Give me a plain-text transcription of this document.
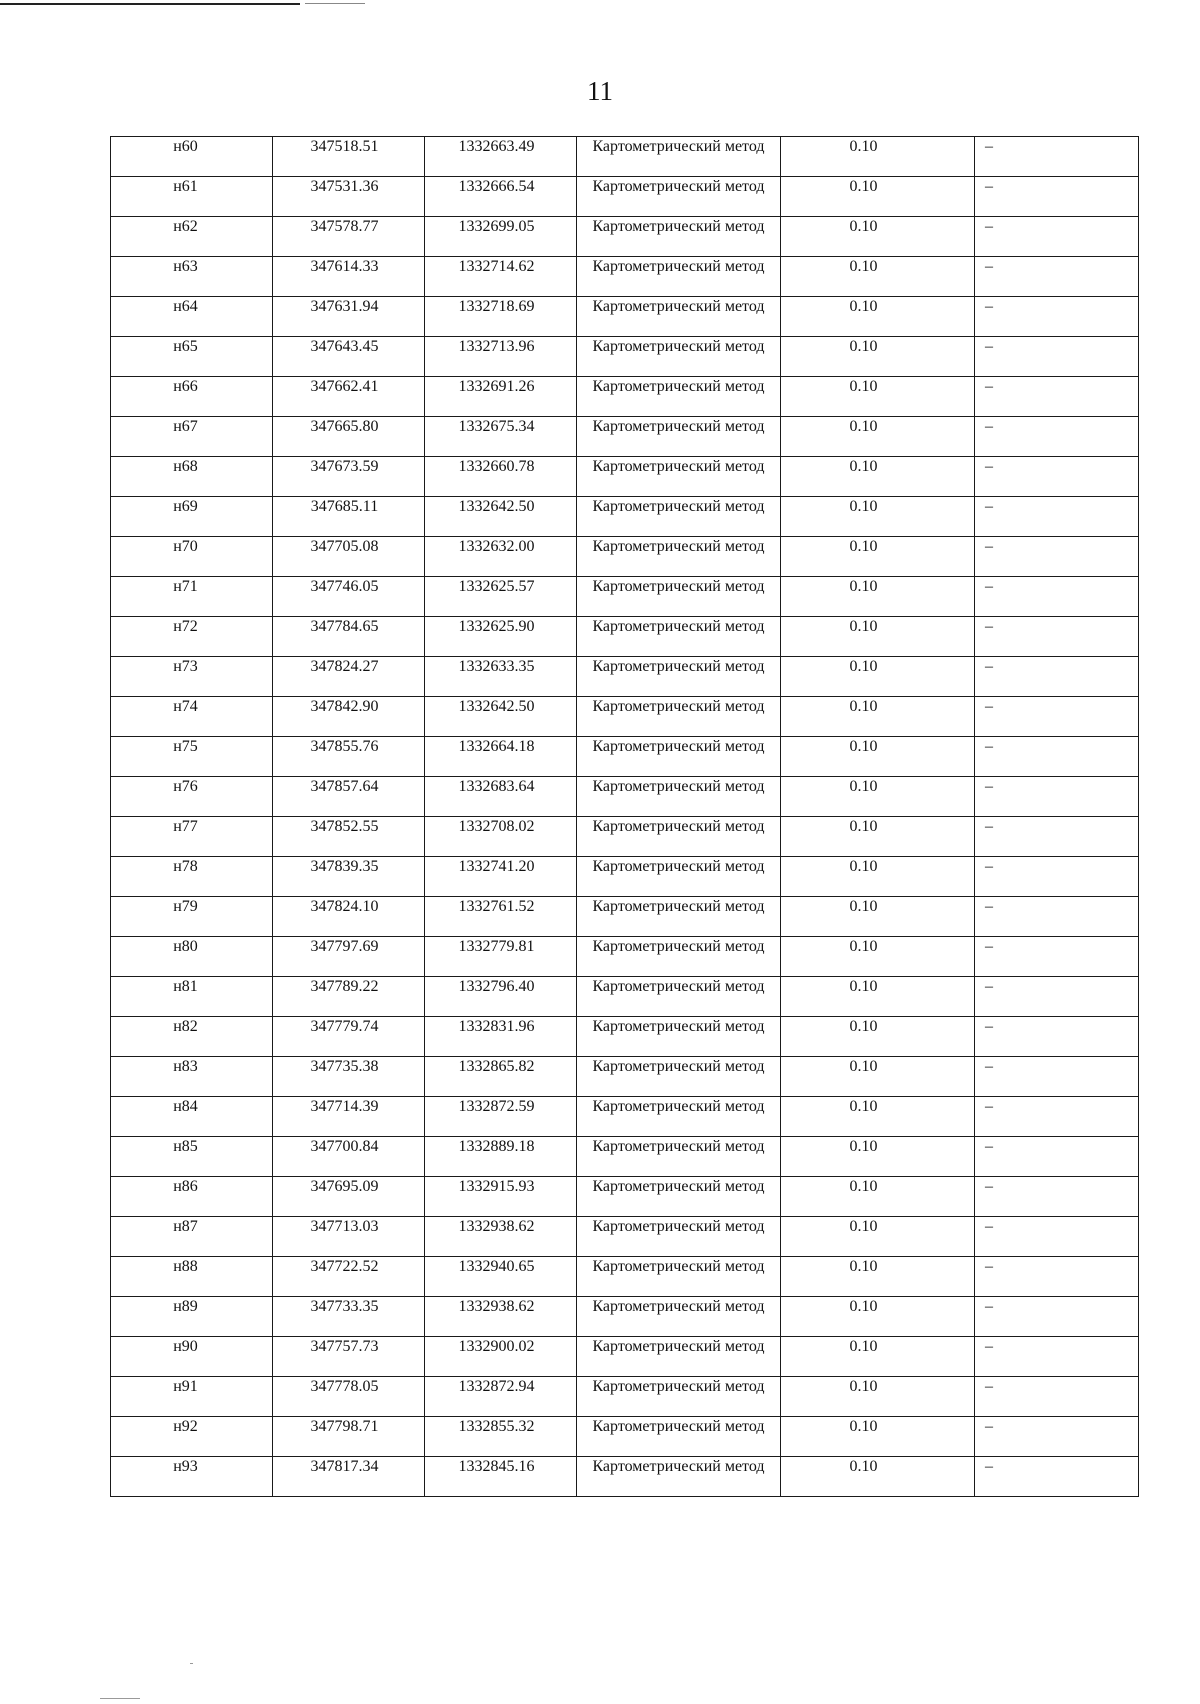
11
н60	347518.51	1332663.49	Картометрический метод	0.10	–
н61	347531.36	1332666.54	Картометрический метод	0.10	–
н62	347578.77	1332699.05	Картометрический метод	0.10	–
н63	347614.33	1332714.62	Картометрический метод	0.10	–
н64	347631.94	1332718.69	Картометрический метод	0.10	–
н65	347643.45	1332713.96	Картометрический метод	0.10	–
н66	347662.41	1332691.26	Картометрический метод	0.10	–
н67	347665.80	1332675.34	Картометрический метод	0.10	–
н68	347673.59	1332660.78	Картометрический метод	0.10	–
н69	347685.11	1332642.50	Картометрический метод	0.10	–
н70	347705.08	1332632.00	Картометрический метод	0.10	–
н71	347746.05	1332625.57	Картометрический метод	0.10	–
н72	347784.65	1332625.90	Картометрический метод	0.10	–
н73	347824.27	1332633.35	Картометрический метод	0.10	–
н74	347842.90	1332642.50	Картометрический метод	0.10	–
н75	347855.76	1332664.18	Картометрический метод	0.10	–
н76	347857.64	1332683.64	Картометрический метод	0.10	–
н77	347852.55	1332708.02	Картометрический метод	0.10	–
н78	347839.35	1332741.20	Картометрический метод	0.10	–
н79	347824.10	1332761.52	Картометрический метод	0.10	–
н80	347797.69	1332779.81	Картометрический метод	0.10	–
н81	347789.22	1332796.40	Картометрический метод	0.10	–
н82	347779.74	1332831.96	Картометрический метод	0.10	–
н83	347735.38	1332865.82	Картометрический метод	0.10	–
н84	347714.39	1332872.59	Картометрический метод	0.10	–
н85	347700.84	1332889.18	Картометрический метод	0.10	–
н86	347695.09	1332915.93	Картометрический метод	0.10	–
н87	347713.03	1332938.62	Картометрический метод	0.10	–
н88	347722.52	1332940.65	Картометрический метод	0.10	–
н89	347733.35	1332938.62	Картометрический метод	0.10	–
н90	347757.73	1332900.02	Картометрический метод	0.10	–
н91	347778.05	1332872.94	Картометрический метод	0.10	–
н92	347798.71	1332855.32	Картометрический метод	0.10	–
н93	347817.34	1332845.16	Картометрический метод	0.10	–
